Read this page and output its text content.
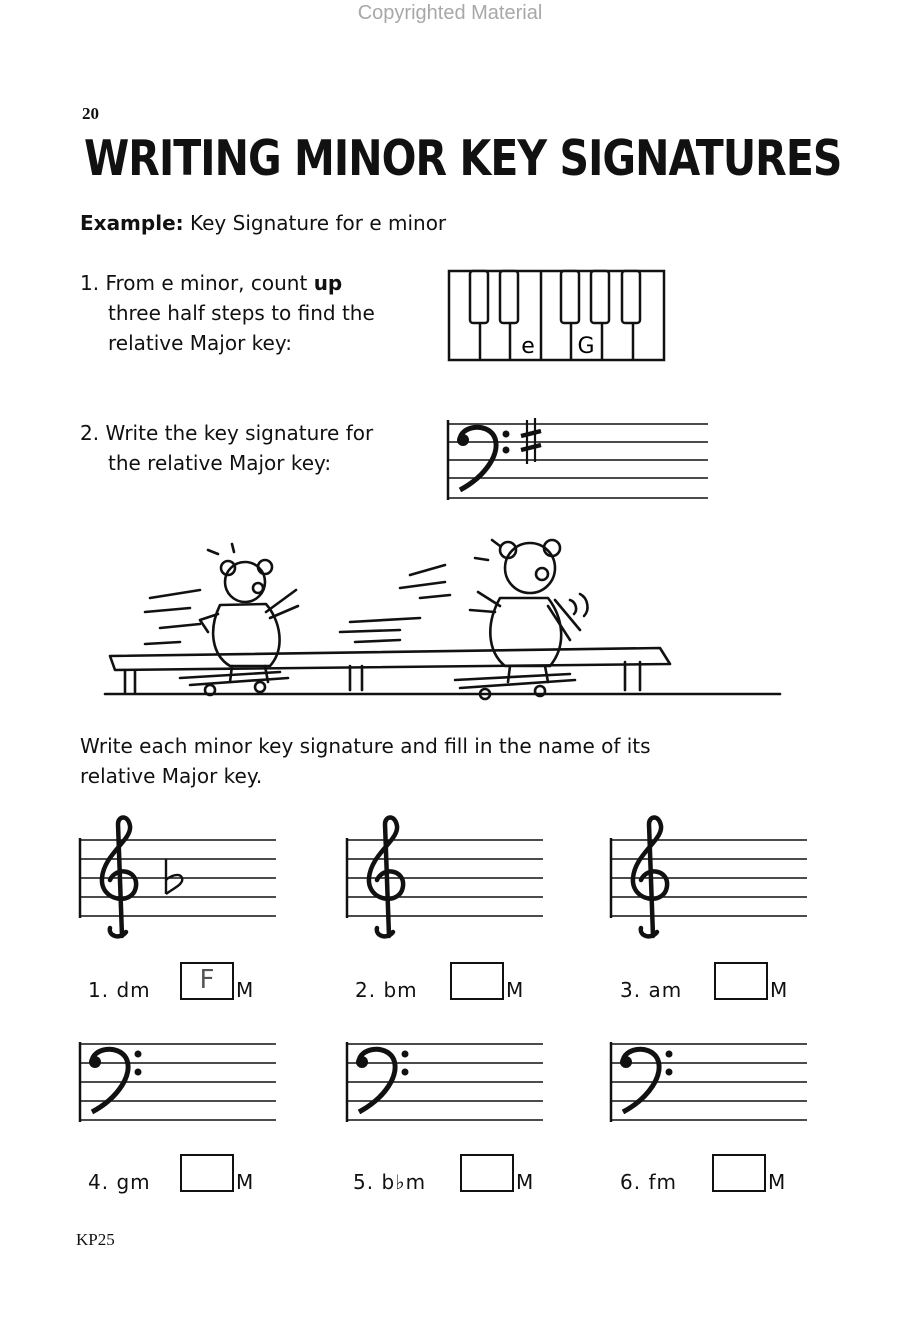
Copyrighted Material
20
WRITING MINOR KEY SIGNATURES
Example: Key Signature for e minor
1. From e minor, count up
three half steps to find the
relative Major key:	e G
2. Write the key signature for
the relative Major key:
Write each minor key signature and fill in the name of its
relative Major key.
1. dm	F	M	2. bm	M	3. am	M
4. gm	M	5. b♭m	M	6. fm	M
KP25
